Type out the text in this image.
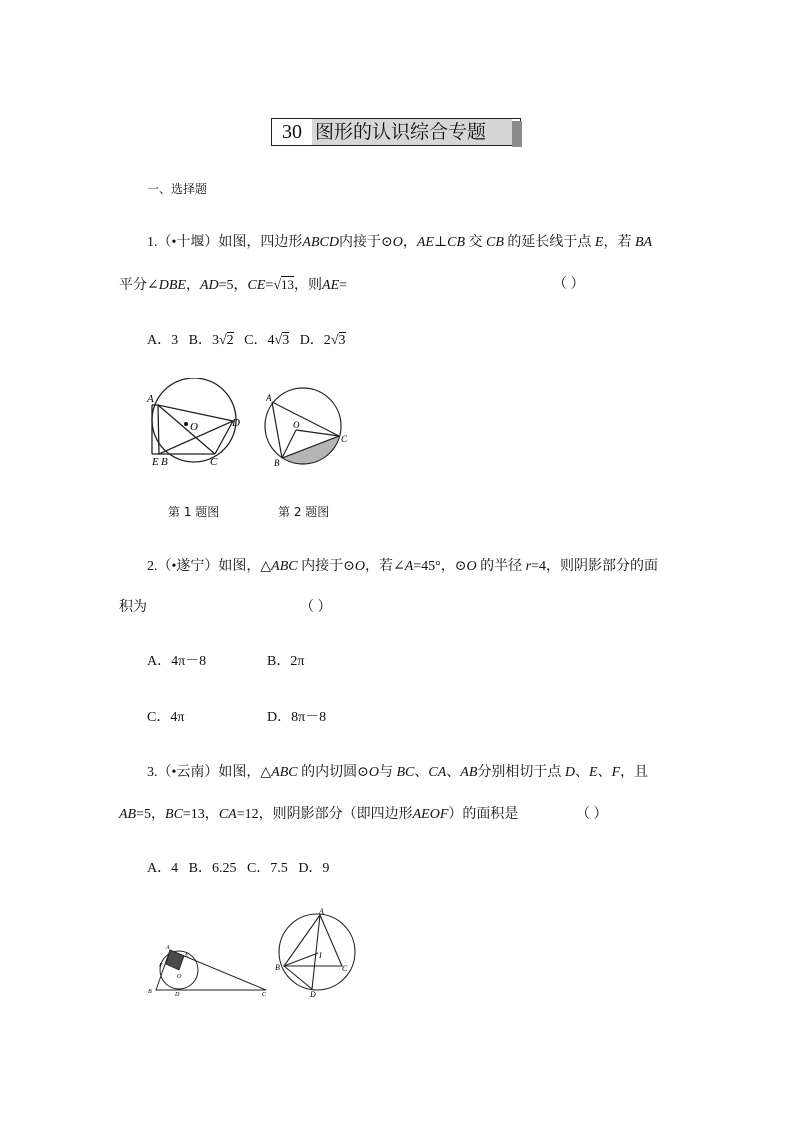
30 图形的认识综合专题
一、选择题
1.（•十堰）如图，四边形ABCD内接于⊙O，AE⊥CB 交 CB 的延长线于点 E，若 BA
平分∠DBE，AD=5，CE=√13，则AE=	（ ）
A．3 B．3√2 C．4√3 D．2√3
A
O	D
E B	C
A
O
C
B
第 1 题图	第 2 题图
2.（•遂宁）如图，△ABC 内接于⊙O，若∠A=45°，⊙O 的半径 r=4，则阴影部分的面
积为	（ ）
A．4π－8	B．2π
C．4π	D．8π－8
3.（•云南）如图，△ABC 的内切圆⊙O与 BC、CA、AB分别相切于点 D、E、F，且
AB=5，BC=13，CA=12，则阴影部分（即四边形AEOF）的面积是	（ ）
A．4 B．6.25 C．7.5 D．9
A
E
F
O
B	D	C
A
I
B	C
D
